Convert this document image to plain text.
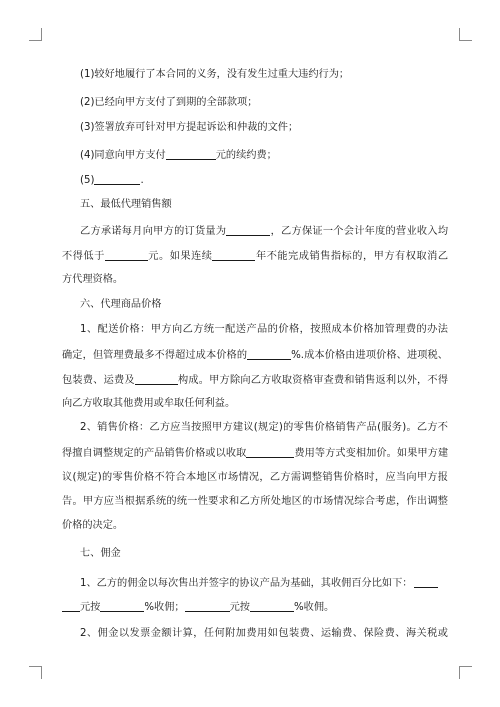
(1)较好地履行了本合同的义务，没有发生过重大违约行为；
(2)已经向甲方支付了到期的全部款项；
(3)签署放弃可针对甲方提起诉讼和仲裁的文件；
(4)同意向甲方支付	元的续约费；
(5)	.
五、最低代理销售额
乙方承诺每月向甲方的订货量为	，乙方保证一个会计年度的营业收入均
不得低于	元。如果连续	年不能完成销售指标的，甲方有权取消乙
方代理资格。
六、代理商品价格
1、配送价格：甲方向乙方统一配送产品的价格，按照成本价格加管理费的办法
确定，但管理费最多不得超过成本价格的	%.成本价格由进项价格、进项税、
包装费、运费及	构成。甲方除向乙方收取资格审查费和销售返利以外，不得
向乙方收取其他费用或牟取任何利益。
2、销售价格：乙方应当按照甲方建议(规定)的零售价格销售产品(服务)。乙方不
得擅自调整规定的产品销售价格或以收取	费用等方式变相加价。如果甲方建
议(规定)的零售价格不符合本地区市场情况，乙方需调整销售价格时，应当向甲方报
告。甲方应当根据系统的统一性要求和乙方所处地区的市场情况综合考虑，作出调整
价格的决定。
七、佣金
1、乙方的佣金以每次售出并签字的协议产品为基础，其收佣百分比如下：
元按	%收佣；	元按	%收佣。
2、佣金以发票金额计算，任何附加费用如包装费、运输费、保险费、海关税或
